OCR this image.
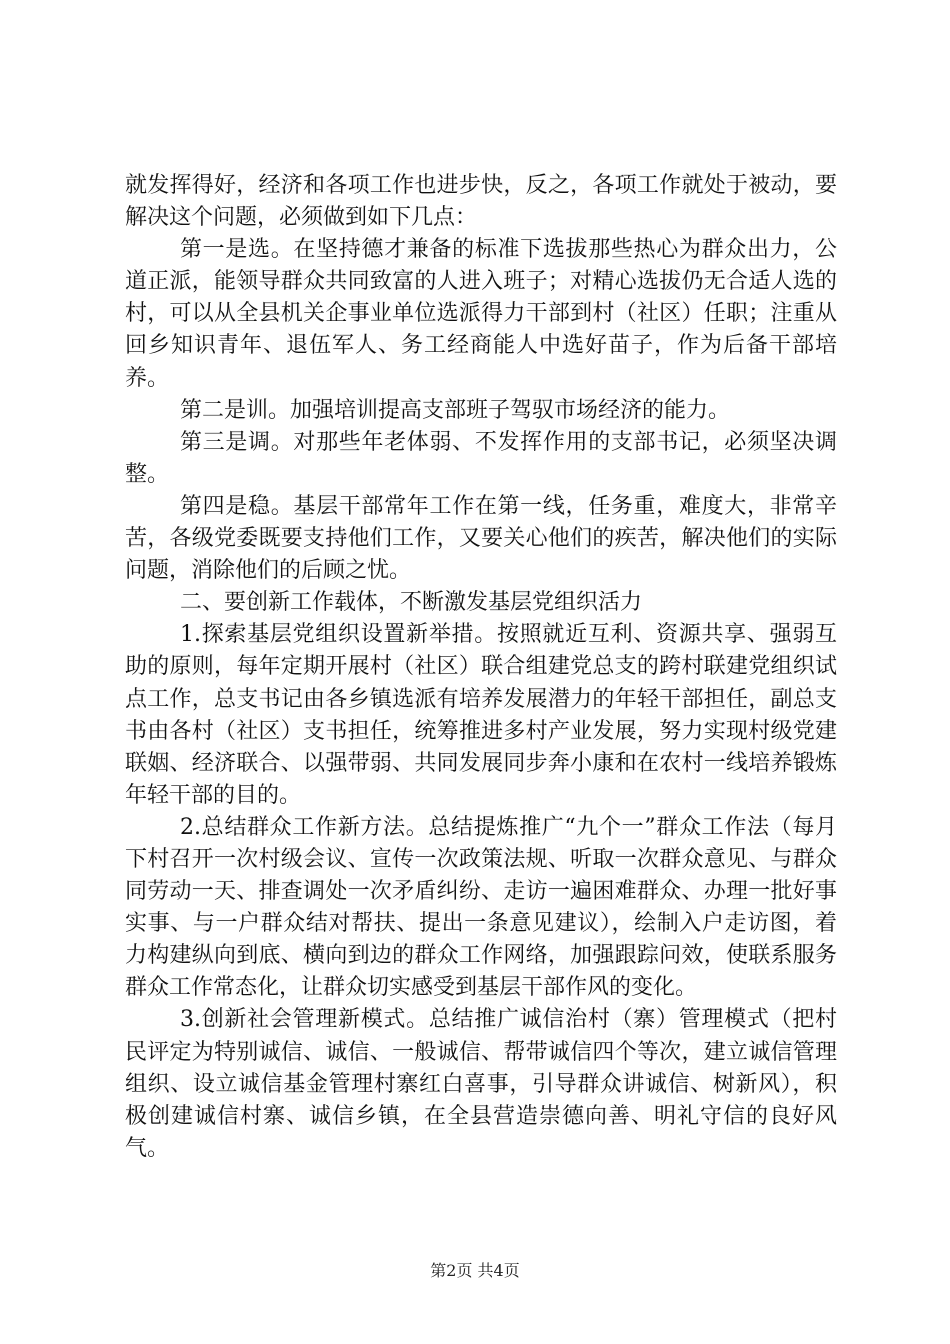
就发挥得好，经济和各项工作也进步快，反之，各项工作就处于被动，要解决这个问题，必须做到如下几点：

第一是选。在坚持德才兼备的标准下选拔那些热心为群众出力，公道正派，能领导群众共同致富的人进入班子；对精心选拔仍无合适人选的村，可以从全县机关企事业单位选派得力干部到村（社区）任职；注重从回乡知识青年、退伍军人、务工经商能人中选好苗子，作为后备干部培养。

第二是训。加强培训提高支部班子驾驭市场经济的能力。

第三是调。对那些年老体弱、不发挥作用的支部书记，必须坚决调整。

第四是稳。基层干部常年工作在第一线，任务重，难度大，非常辛苦，各级党委既要支持他们工作，又要关心他们的疾苦，解决他们的实际问题，消除他们的后顾之忧。

二、要创新工作载体，不断激发基层党组织活力

1.探索基层党组织设置新举措。按照就近互利、资源共享、强弱互助的原则，每年定期开展村（社区）联合组建党总支的跨村联建党组织试点工作，总支书记由各乡镇选派有培养发展潜力的年轻干部担任，副总支书由各村（社区）支书担任，统筹推进多村产业发展，努力实现村级党建联姻、经济联合、以强带弱、共同发展同步奔小康和在农村一线培养锻炼年轻干部的目的。

2.总结群众工作新方法。总结提炼推广“九个一”群众工作法（每月下村召开一次村级会议、宣传一次政策法规、听取一次群众意见、与群众同劳动一天、排查调处一次矛盾纠纷、走访一遍困难群众、办理一批好事实事、与一户群众结对帮扶、提出一条意见建议），绘制入户走访图，着力构建纵向到底、横向到边的群众工作网络，加强跟踪问效，使联系服务群众工作常态化，让群众切实感受到基层干部作风的变化。

3.创新社会管理新模式。总结推广诚信治村（寨）管理模式（把村民评定为特别诚信、诚信、一般诚信、帮带诚信四个等次，建立诚信管理组织、设立诚信基金管理村寨红白喜事，引导群众讲诚信、树新风），积极创建诚信村寨、诚信乡镇，在全县营造崇德向善、明礼守信的良好风气。

第2页 共4页
